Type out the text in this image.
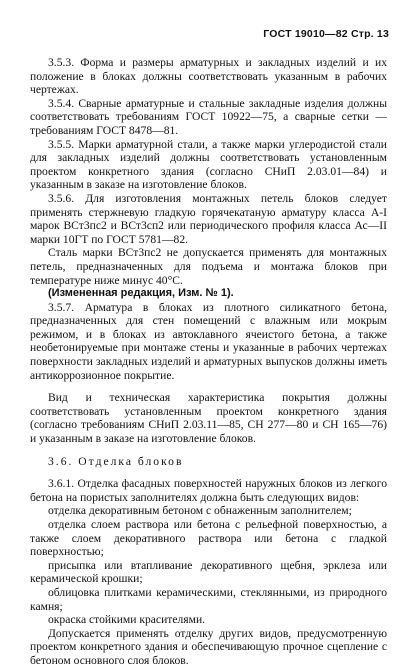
ГОСТ 19010—82 Стр. 13

3.5.3. Форма и размеры арматурных и закладных изделий и их положение в блоках должны соответствовать указанным в рабочих чертежах.

3.5.4. Сварные арматурные и стальные закладные изделия должны соответствовать требованиям ГОСТ 10922—75, а сварные сетки — требованиям ГОСТ 8478—81.

3.5.5. Марки арматурной стали, а также марки углеродистой стали для закладных изделий должны соответствовать установленным проектом конкретного здания (согласно СНиП 2.03.01—84) и указанным в заказе на изготовление блоков.

3.5.6. Для изготовления монтажных петель блоков следует применять стержневую гладкую горячекатаную арматуру класса А-I марок ВСт3пс2 и ВСт3сп2 или периодического профиля класса Ас—II марки 10ГТ по ГОСТ 5781—82.

Сталь марки ВСт3пс2 не допускается применять для монтажных петель, предназначенных для подъема и монтажа блоков при температуре ниже минус 40°С.

(Измененная редакция, Изм. № 1).

3.5.7. Арматура в блоках из плотного силикатного бетона, предназначенных для стен помещений с влажным или мокрым режимом, и в блоках из автоклавного ячеистого бетона, а также необетонируемые при монтаже стены и указанные в рабочих чертежах поверхности закладных изделий и арматурных выпусков должны иметь антикоррозионное покрытие.

Вид и техническая характеристика покрытия должны соответствовать установленным проектом конкретного здания (согласно требованиям СНиП 2.03.11—85, СН 277—80 и СН 165—76) и указанным в заказе на изготовление блоков.

3.6. Отделка блоков

3.6.1. Отделка фасадных поверхностей наружных блоков из легкого бетона на пористых заполнителях должна быть следующих видов:

отделка декоративным бетоном с обнаженным заполнителем;

отделка слоем раствора или бетона с рельефной поверхностью, а также слоем декоративного раствора или бетона с гладкой поверхностью;

присыпка или втапливание декоративного щебня, эрклеза или керамической крошки;

облицовка плитками керамическими, стеклянными, из природного камня;

окраска стойкими красителями.

Допускается применять отделку других видов, предусмотренную проектом конкретного здания и обеспечивающую прочное сцепление с бетоном основного слоя блоков.
